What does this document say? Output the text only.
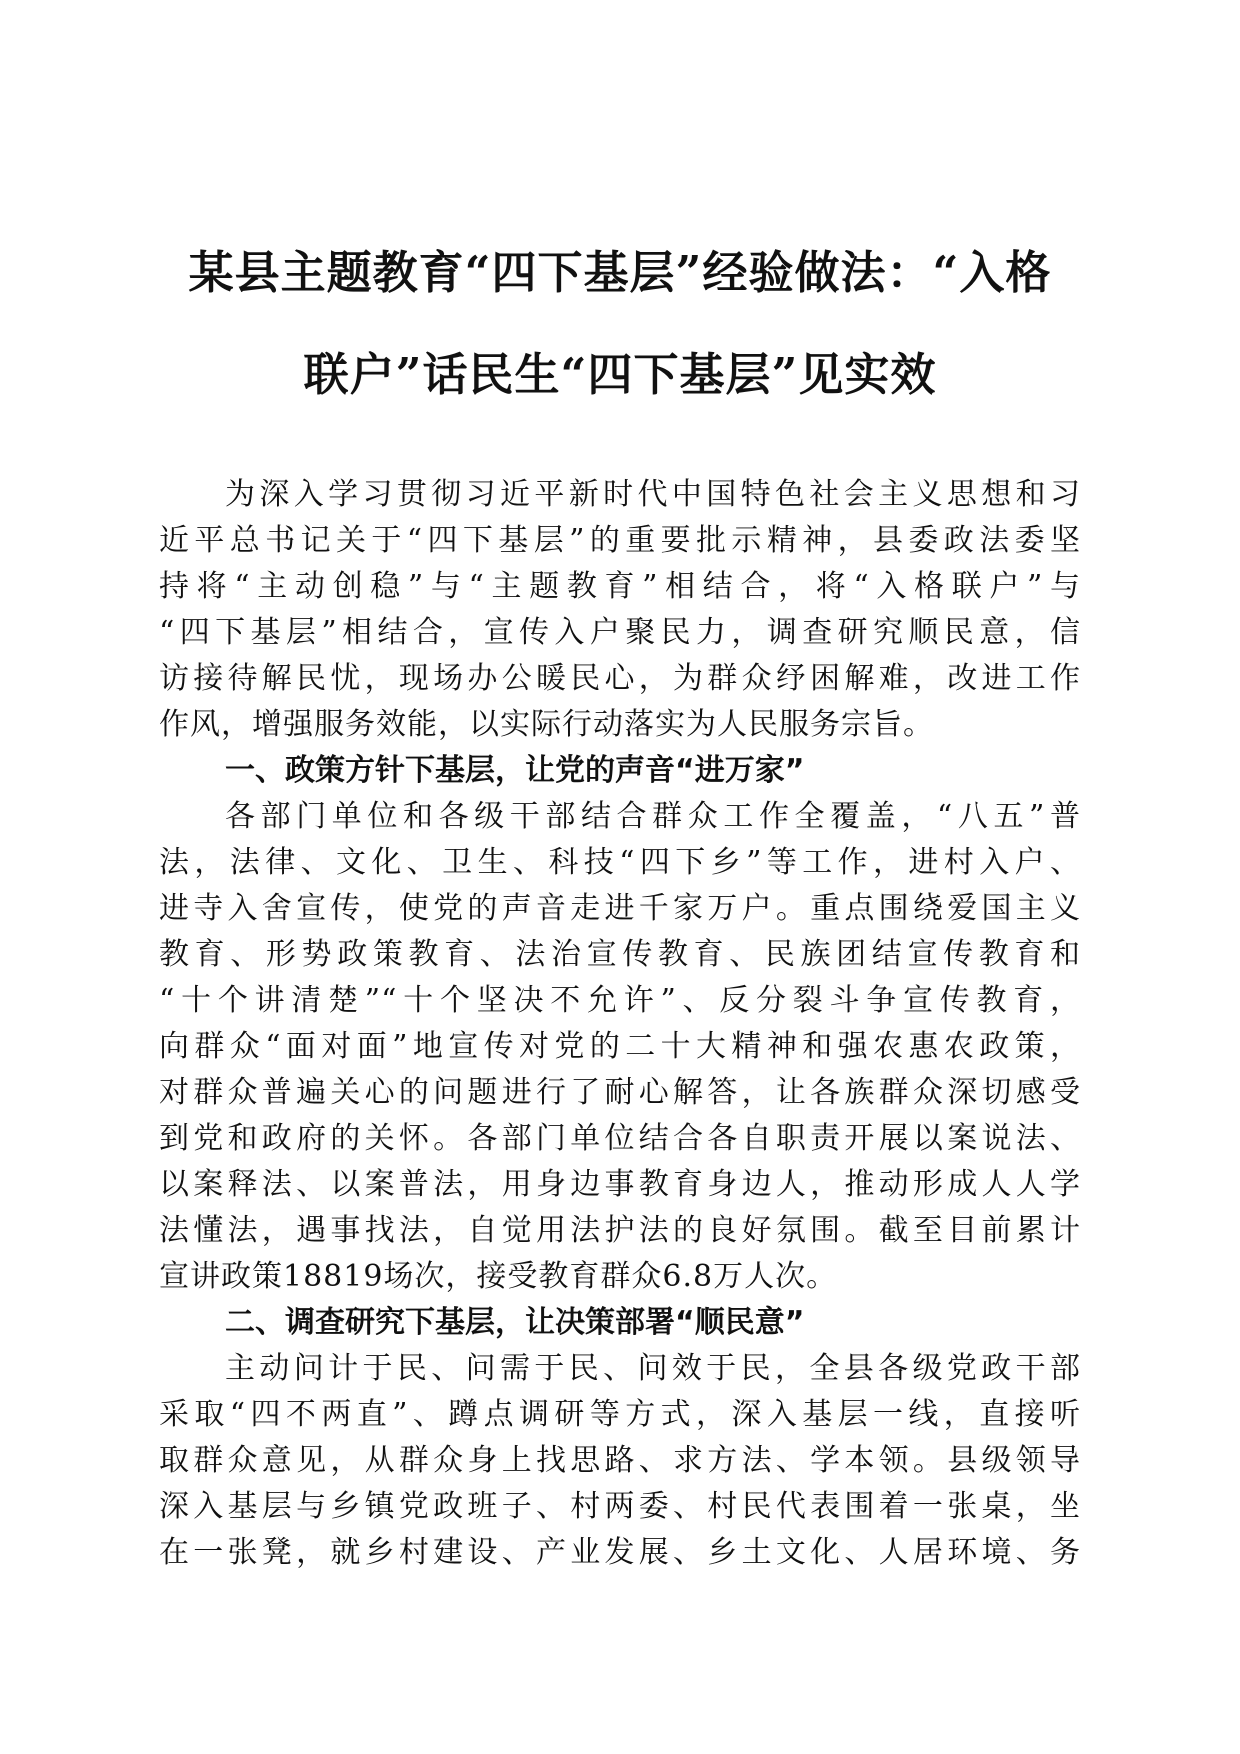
某县主题教育“四下基层”经验做法：“入格
联户”话民生“四下基层”见实效
为深入学习贯彻习近平新时代中国特色社会主义思想和习
近平总书记关于“四下基层”的重要批示精神，县委政法委坚
持将“主动创稳”与“主题教育”相结合，将“入格联户”与
“四下基层”相结合，宣传入户聚民力，调查研究顺民意，信
访接待解民忧，现场办公暖民心，为群众纾困解难，改进工作
作风，增强服务效能，以实际行动落实为人民服务宗旨。
一、政策方针下基层，让党的声音“进万家”
各部门单位和各级干部结合群众工作全覆盖，“八五”普
法，法律、文化、卫生、科技“四下乡”等工作，进村入户、
进寺入舍宣传，使党的声音走进千家万户。重点围绕爱国主义
教育、形势政策教育、法治宣传教育、民族团结宣传教育和
“十个讲清楚”“十个坚决不允许”、反分裂斗争宣传教育，
向群众“面对面”地宣传对党的二十大精神和强农惠农政策，
对群众普遍关心的问题进行了耐心解答，让各族群众深切感受
到党和政府的关怀。各部门单位结合各自职责开展以案说法、
以案释法、以案普法，用身边事教育身边人，推动形成人人学
法懂法，遇事找法，自觉用法护法的良好氛围。截至目前累计
宣讲政策18819场次，接受教育群众6.8万人次。
二、调查研究下基层，让决策部署“顺民意”
主动问计于民、问需于民、问效于民，全县各级党政干部
采取“四不两直”、蹲点调研等方式，深入基层一线，直接听
取群众意见，从群众身上找思路、求方法、学本领。县级领导
深入基层与乡镇党政班子、村两委、村民代表围着一张桌，坐
在一张凳，就乡村建设、产业发展、乡土文化、人居环境、务
